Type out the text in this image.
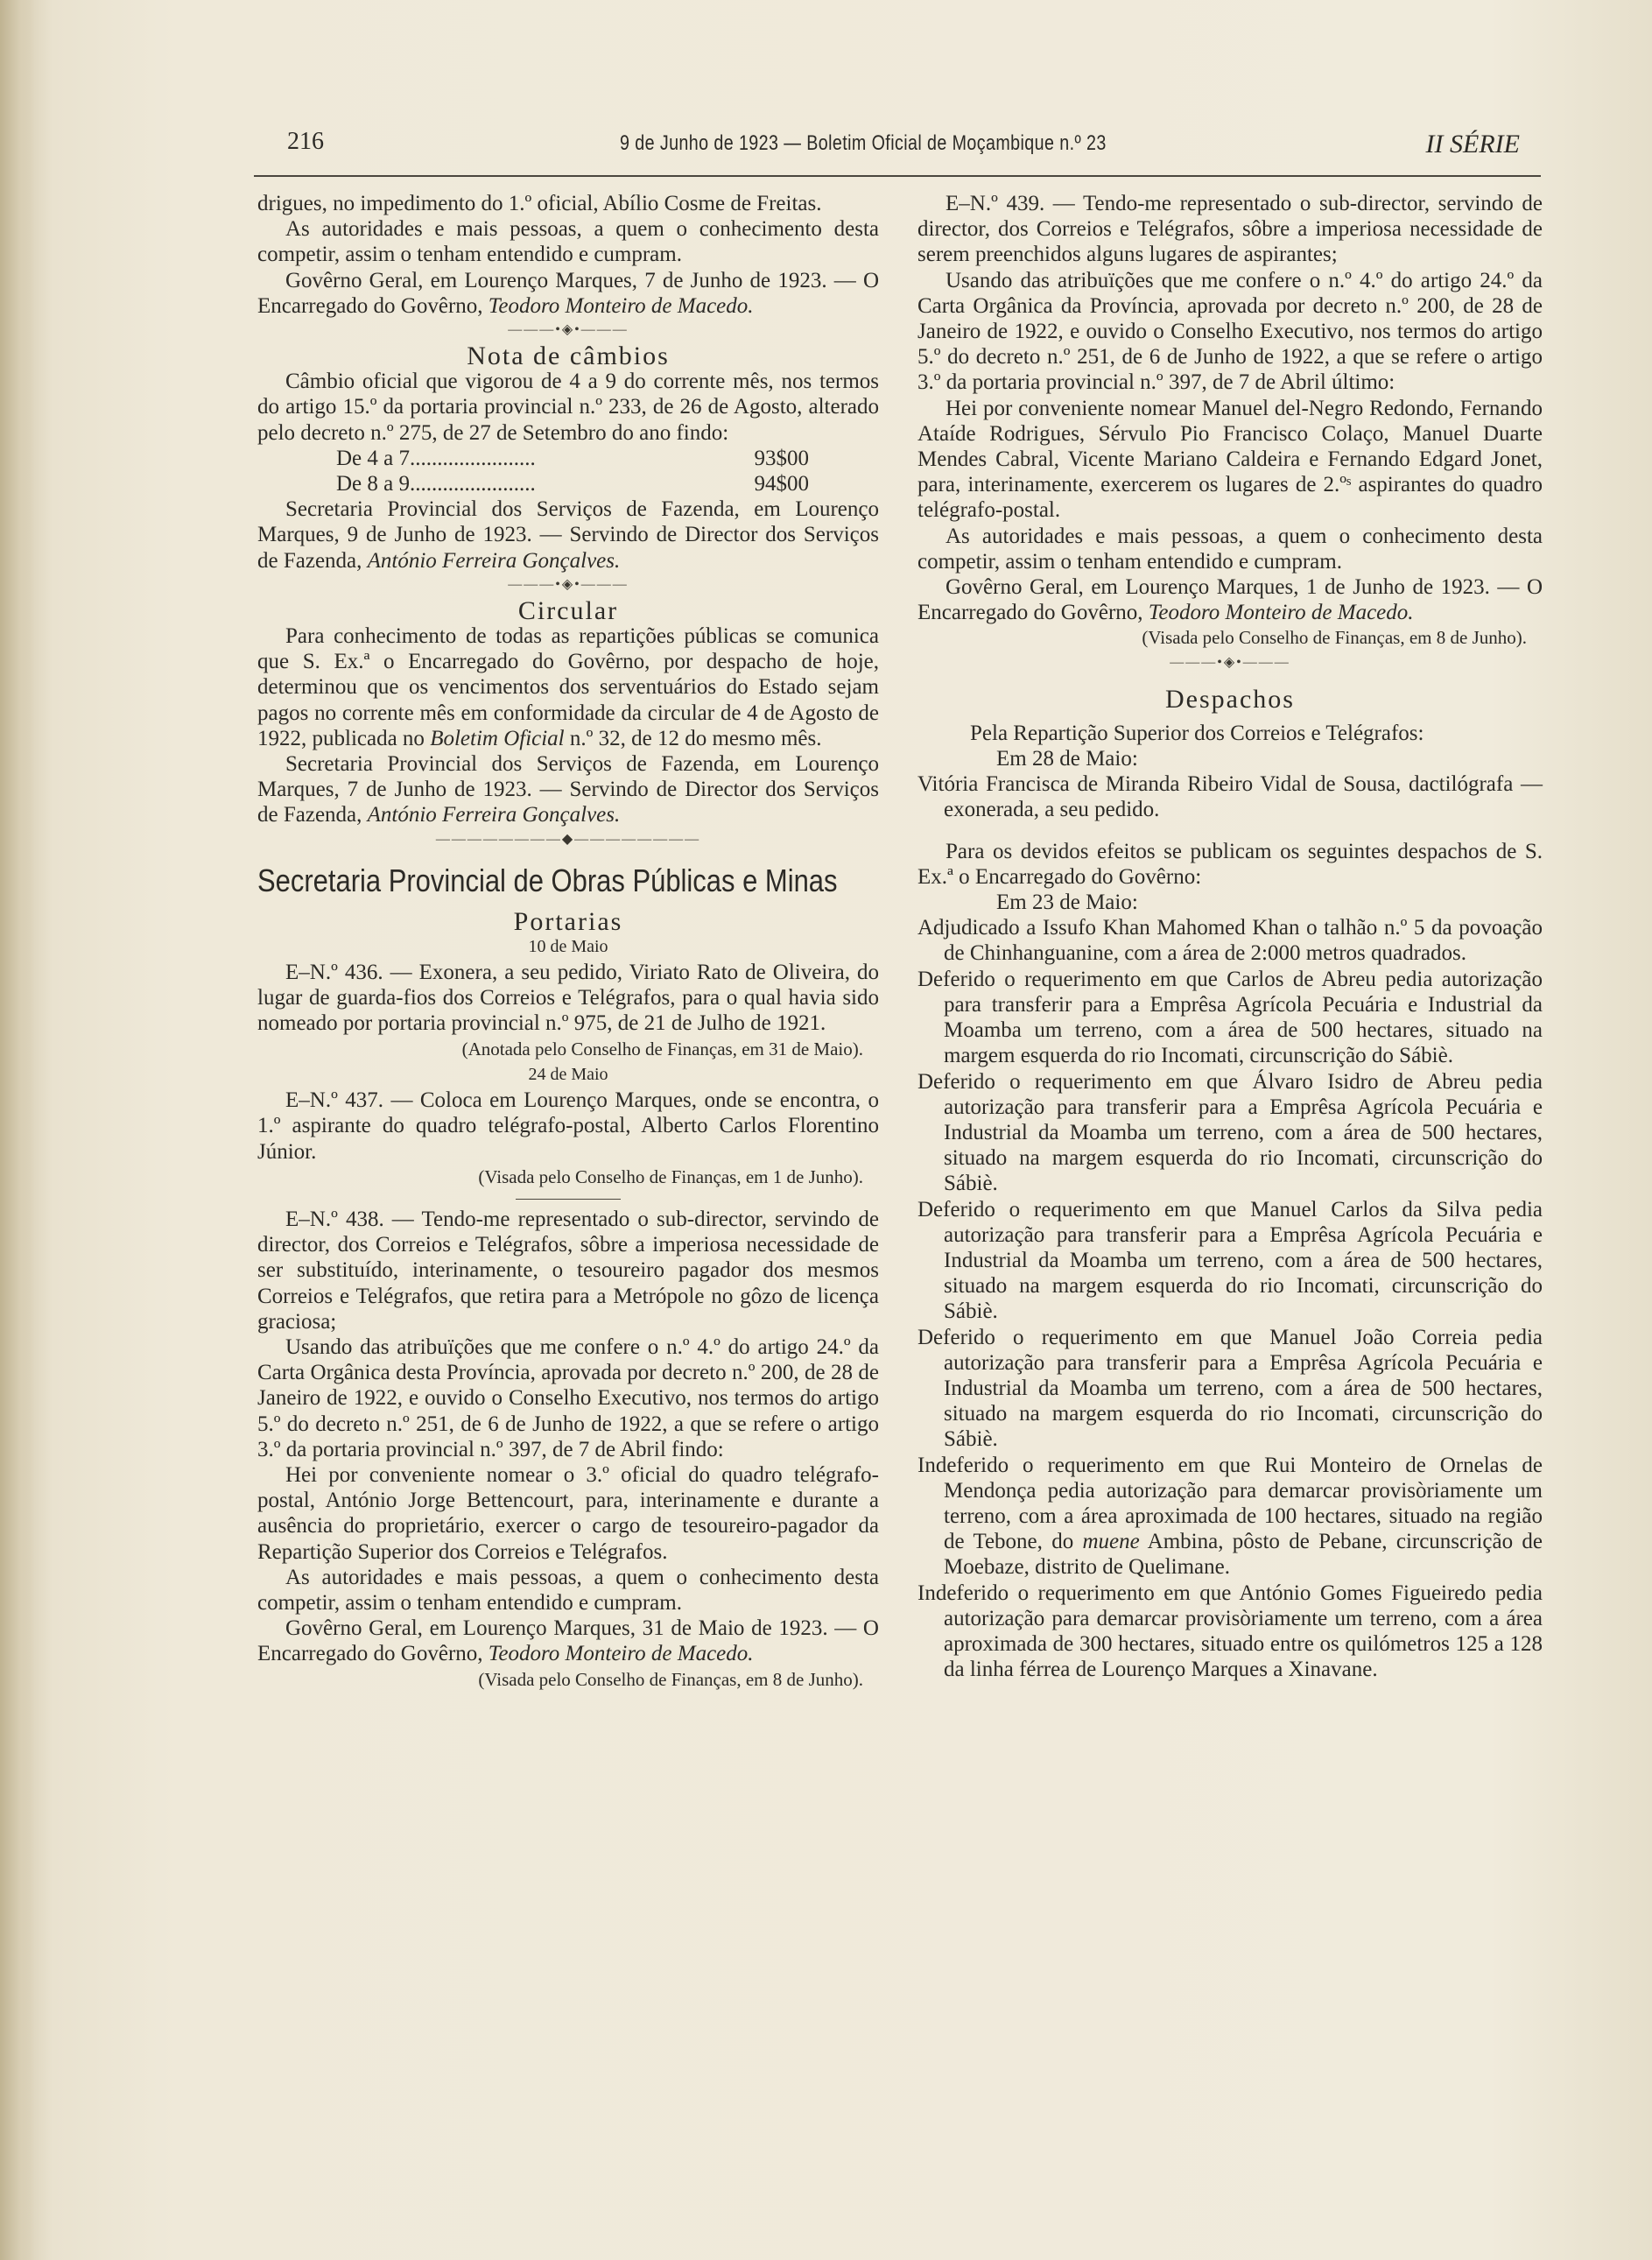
216	9 de Junho de 1923 — Boletim Oficial de Moçambique n.º 23	II SÉRIE

drigues, no impedimento do 1.º oficial, Abílio Cosme de Freitas.

As autoridades e mais pessoas, a quem o conhecimento desta competir, assim o tenham entendido e cumpram.

Govêrno Geral, em Lourenço Marques, 7 de Junho de 1923. — O Encarregado do Govêrno, Teodoro Monteiro de Macedo.

———•◈•———

Nota de câmbios

Câmbio oficial que vigorou de 4 a 9 do corrente mês, nos termos do artigo 15.º da portaria provincial n.º 233, de 26 de Agosto, alterado pelo decreto n.º 275, de 27 de Setembro do ano findo:

De 4 a 7.......................	93$00
De 8 a 9.......................	94$00

Secretaria Provincial dos Serviços de Fazenda, em Lourenço Marques, 9 de Junho de 1923. — Servindo de Director dos Serviços de Fazenda, António Ferreira Gonçalves.

———•◈•———

Circular

Para conhecimento de todas as repartições públicas se comunica que S. Ex.ª o Encarregado do Govêrno, por despacho de hoje, determinou que os vencimentos dos serventuários do Estado sejam pagos no corrente mês em conformidade da circular de 4 de Agosto de 1922, publicada no Boletim Oficial n.º 32, de 12 do mesmo mês.

Secretaria Provincial dos Serviços de Fazenda, em Lourenço Marques, 7 de Junho de 1923. — Servindo de Director dos Serviços de Fazenda, António Ferreira Gonçalves.

————————◆————————
Secretaria Provincial de Obras Públicas e Minas

Portarias

10 de Maio

E–N.º 436. — Exonera, a seu pedido, Viriato Rato de Oliveira, do lugar de guarda-fios dos Correios e Telégrafos, para o qual havia sido nomeado por portaria provincial n.º 975, de 21 de Julho de 1921.

(Anotada pelo Conselho de Finanças, em 31 de Maio).

24 de Maio

E–N.º 437. — Coloca em Lourenço Marques, onde se encontra, o 1.º aspirante do quadro telégrafo-postal, Alberto Carlos Florentino Júnior.

(Visada pelo Conselho de Finanças, em 1 de Junho).

E–N.º 438. — Tendo-me representado o sub-director, servindo de director, dos Correios e Telégrafos, sôbre a imperiosa necessidade de ser substituído, interinamente, o tesoureiro pagador dos mesmos Correios e Telégrafos, que retira para a Metrópole no gôzo de licença graciosa;

Usando das atribuïções que me confere o n.º 4.º do artigo 24.º da Carta Orgânica desta Província, aprovada por decreto n.º 200, de 28 de Janeiro de 1922, e ouvido o Conselho Executivo, nos termos do artigo 5.º do decreto n.º 251, de 6 de Junho de 1922, a que se refere o artigo 3.º da portaria provincial n.º 397, de 7 de Abril findo:

Hei por conveniente nomear o 3.º oficial do quadro telégrafo-postal, António Jorge Bettencourt, para, interinamente e durante a ausência do proprietário, exercer o cargo de tesoureiro-pagador da Repartição Superior dos Correios e Telégrafos.

As autoridades e mais pessoas, a quem o conhecimento desta competir, assim o tenham entendido e cumpram.

Govêrno Geral, em Lourenço Marques, 31 de Maio de 1923. — O Encarregado do Govêrno, Teodoro Monteiro de Macedo.

(Visada pelo Conselho de Finanças, em 8 de Junho).

E–N.º 439. — Tendo-me representado o sub-director, servindo de director, dos Correios e Telégrafos, sôbre a imperiosa necessidade de serem preenchidos alguns lugares de aspirantes;

Usando das atribuïções que me confere o n.º 4.º do artigo 24.º da Carta Orgânica da Província, aprovada por decreto n.º 200, de 28 de Janeiro de 1922, e ouvido o Conselho Executivo, nos termos do artigo 5.º do decreto n.º 251, de 6 de Junho de 1922, a que se refere o artigo 3.º da portaria provincial n.º 397, de 7 de Abril último:

Hei por conveniente nomear Manuel del-Negro Redondo, Fernando Ataíde Rodrigues, Sérvulo Pio Francisco Colaço, Manuel Duarte Mendes Cabral, Vicente Mariano Caldeira e Fernando Edgard Jonet, para, interinamente, exercerem os lugares de 2.ºˢ aspirantes do quadro telégrafo-postal.

As autoridades e mais pessoas, a quem o conhecimento desta competir, assim o tenham entendido e cumpram.

Govêrno Geral, em Lourenço Marques, 1 de Junho de 1923. — O Encarregado do Govêrno, Teodoro Monteiro de Macedo.

(Visada pelo Conselho de Finanças, em 8 de Junho).

———•◈•———

Despachos

Pela Repartição Superior dos Correios e Telégrafos:

Em 28 de Maio:

Vitória Francisca de Miranda Ribeiro Vidal de Sousa, dactilógrafa — exonerada, a seu pedido.

Para os devidos efeitos se publicam os seguintes despachos de S. Ex.ª o Encarregado do Govêrno:

Em 23 de Maio:

Adjudicado a Issufo Khan Mahomed Khan o talhão n.º 5 da povoação de Chinhanguanine, com a área de 2:000 metros quadrados.

Deferido o requerimento em que Carlos de Abreu pedia autorização para transferir para a Emprêsa Agrícola Pecuária e Industrial da Moamba um terreno, com a área de 500 hectares, situado na margem esquerda do rio Incomati, circunscrição do Sábiè.

Deferido o requerimento em que Álvaro Isidro de Abreu pedia autorização para transferir para a Emprêsa Agrícola Pecuária e Industrial da Moamba um terreno, com a área de 500 hectares, situado na margem esquerda do rio Incomati, circunscrição do Sábiè.

Deferido o requerimento em que Manuel Carlos da Silva pedia autorização para transferir para a Emprêsa Agrícola Pecuária e Industrial da Moamba um terreno, com a área de 500 hectares, situado na margem esquerda do rio Incomati, circunscrição do Sábiè.

Deferido o requerimento em que Manuel João Correia pedia autorização para transferir para a Emprêsa Agrícola Pecuária e Industrial da Moamba um terreno, com a área de 500 hectares, situado na margem esquerda do rio Incomati, circunscrição do Sábiè.

Indeferido o requerimento em que Rui Monteiro de Ornelas de Mendonça pedia autorização para demarcar provisòriamente um terreno, com a área aproximada de 100 hectares, situado na região de Tebone, do muene Ambina, pôsto de Pebane, circunscrição de Moebaze, distrito de Quelimane.

Indeferido o requerimento em que António Gomes Figueiredo pedia autorização para demarcar provisòriamente um terreno, com a área aproximada de 300 hectares, situado entre os quilómetros 125 a 128 da linha férrea de Lourenço Marques a Xinavane.
